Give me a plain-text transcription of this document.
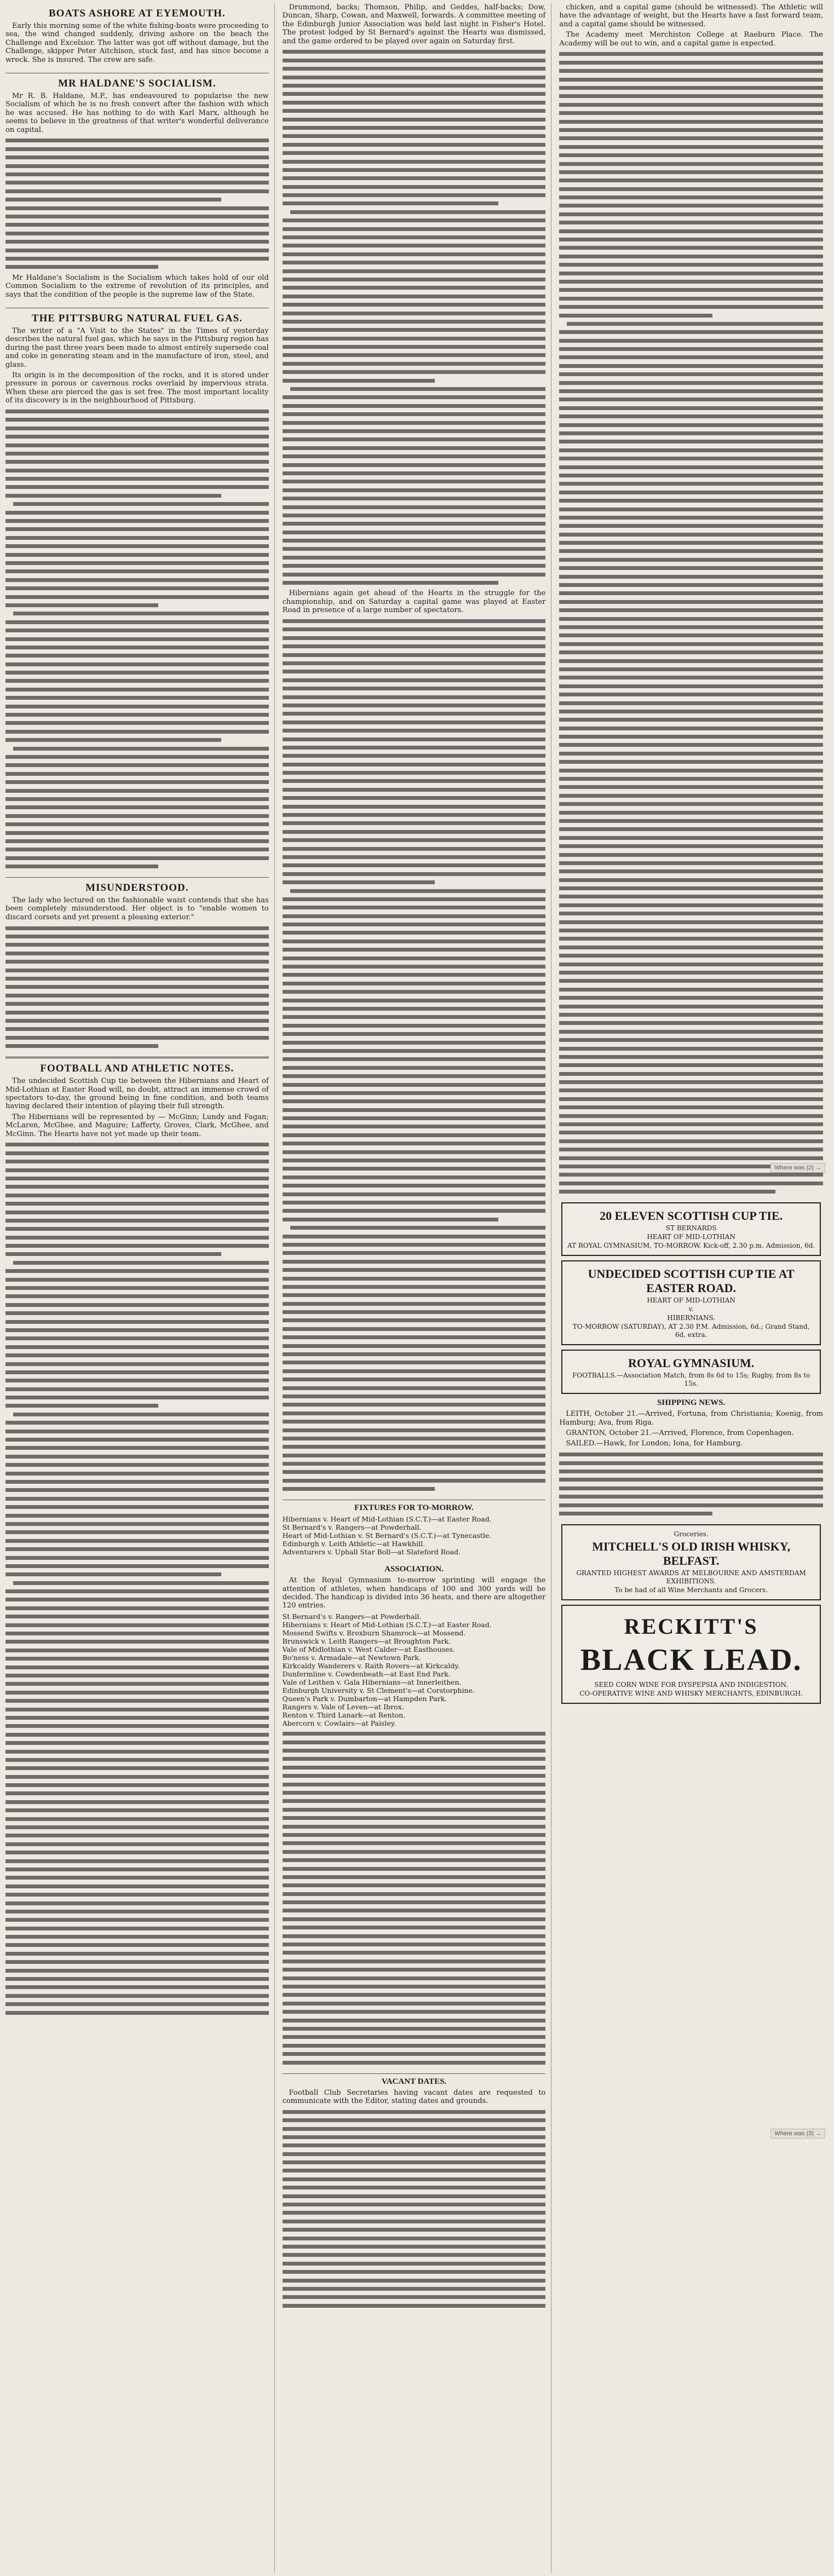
BOATS ASHORE AT EYEMOUTH.

Early this morning some of the white fishing-boats were proceeding to sea, the wind changed suddenly, driving ashore on the beach the Challenge and Excelsior. The latter was got off without damage, but the Challenge, skipper Peter Aitchison, stuck fast, and has since become a wreck. She is insured. The crew are safe.

MR HALDANE'S SOCIALISM.

Mr R. B. Haldane, M.P., has endeavoured to popularise the new Socialism of which he is no fresh convert after the fashion with which he was accused. He has nothing to do with Karl Marx, although he seems to believe in the greatness of that writer's wonderful deliverance on capital.

Mr Haldane's Socialism is the Socialism which takes hold of our old Common Socialism to the extreme of revolution of its principles, and says that the condition of the people is the supreme law of the State.

THE PITTSBURG NATURAL FUEL GAS.

The writer of a "A Visit to the States" in the Times of yesterday describes the natural fuel gas, which he says in the Pittsburg region has during the past three years been made to almost entirely supersede coal and coke in generating steam and in the manufacture of iron, steel, and glass.

Its origin is in the decomposition of the rocks, and it is stored under pressure in porous or cavernous rocks overlaid by impervious strata. When these are pierced the gas is set free. The most important locality of its discovery is in the neighbourhood of Pittsburg.

MISUNDERSTOOD.

The lady who lectured on the fashionable waist contends that she has been completely misunderstood. Her object is to "enable women to discard corsets and yet present a pleasing exterior."

FOOTBALL AND ATHLETIC NOTES.

The undecided Scottish Cup tie between the Hibernians and Heart of Mid-Lothian at Easter Road will, no doubt, attract an immense crowd of spectators to-day, the ground being in fine condition, and both teams having declared their intention of playing their full strength.

The Hibernians will be represented by — McGinn; Lundy and Fagan; McLaren, McGhee, and Maguire; Lafferty, Groves, Clark, McGhee, and McGinn. The Hearts have not yet made up their team.

Drummond, backs; Thomson, Philip, and Geddes, half-backs; Dow, Duncan, Sharp, Cowan, and Maxwell, forwards. A committee meeting of the Edinburgh Junior Association was held last night in Fisher's Hotel. The protest lodged by St Bernard's against the Hearts was dismissed, and the game ordered to be played over again on Saturday first.

Hibernians again get ahead of the Hearts in the struggle for the championship, and on Saturday a capital game was played at Easter Road in presence of a large number of spectators.

FIXTURES FOR TO-MORROW.
Hibernians v. Heart of Mid-Lothian (S.C.T.)—at Easter Road.
St Bernard's v. Rangers—at Powderhall.
Heart of Mid-Lothian v. St Bernard's (S.C.T.)—at Tynecastle.
Edinburgh v. Leith Athletic—at Hawkhill.
Adventurers v. Uphall Star Boll—at Slateford Road.
ASSOCIATION.

At the Royal Gymnasium to-morrow sprinting will engage the attention of athletes, when handicaps of 100 and 300 yards will be decided. The handicap is divided into 36 heats, and there are altogether 120 entries.

St Bernard's v. Rangers—at Powderhall.
Hibernians v. Heart of Mid-Lothian (S.C.T.)—at Easter Road.
Mossend Swifts v. Broxburn Shamrock—at Mossend.
Brunswick v. Leith Rangers—at Broughton Park.
Vale of Midlothian v. West Calder—at Easthouses.
Bo'ness v. Armadale—at Newtown Park.
Kirkcaldy Wanderers v. Raith Rovers—at Kirkcaldy.
Dunfermline v. Cowdenbeath—at East End Park.
Vale of Leithen v. Gala Hibernians—at Innerleithen.
Edinburgh University v. St Clement's—at Corstorphine.
Queen's Park v. Dumbarton—at Hampden Park.
Rangers v. Vale of Leven—at Ibrox.
Renton v. Third Lanark—at Renton.
Abercorn v. Cowlairs—at Paisley.
VACANT DATES.

Football Club Secretaries having vacant dates are requested to communicate with the Editor, stating dates and grounds.

chicken, and a capital game (should be witnessed). The Athletic will have the advantage of weight, but the Hearts have a fast forward team, and a capital game should be witnessed.

The Academy meet Merchiston College at Raeburn Place. The Academy will be out to win, and a capital game is expected.

20 ELEVEN SCOTTISH CUP TIE.
ST BERNARDS
HEART OF MID-LOTHIAN
AT ROYAL GYMNASIUM, TO-MORROW. Kick-off, 2.30 p.m. Admission, 6d.
UNDECIDED SCOTTISH CUP TIE AT EASTER ROAD.
HEART OF MID-LOTHIAN
v.
HIBERNIANS.
TO-MORROW (SATURDAY), AT 2.30 P.M. Admission, 6d.; Grand Stand, 6d. extra.
ROYAL GYMNASIUM.
FOOTBALLS.—Association Match, from 8s 6d to 15s; Rugby, from 8s to 15s.
SHIPPING NEWS.

LEITH, October 21.—Arrived, Fortuna, from Christiania; Koenig, from Hamburg; Ava, from Riga.

GRANTON, October 21.—Arrived, Florence, from Copenhagen.

SAILED.—Hawk, for London; Iona, for Hamburg.

Groceries.
MITCHELL'S OLD IRISH WHISKY, BELFAST.
GRANTED HIGHEST AWARDS AT MELBOURNE AND AMSTERDAM EXHIBITIONS.
To be had of all Wine Merchants and Grocers.
RECKITT'S
BLACK LEAD.
SEED CORN WINE FOR DYSPEPSIA AND INDIGESTION.
CO-OPERATIVE WINE AND WHISKY MERCHANTS, EDINBURGH.
Where was (2) →
Where was (3) →
